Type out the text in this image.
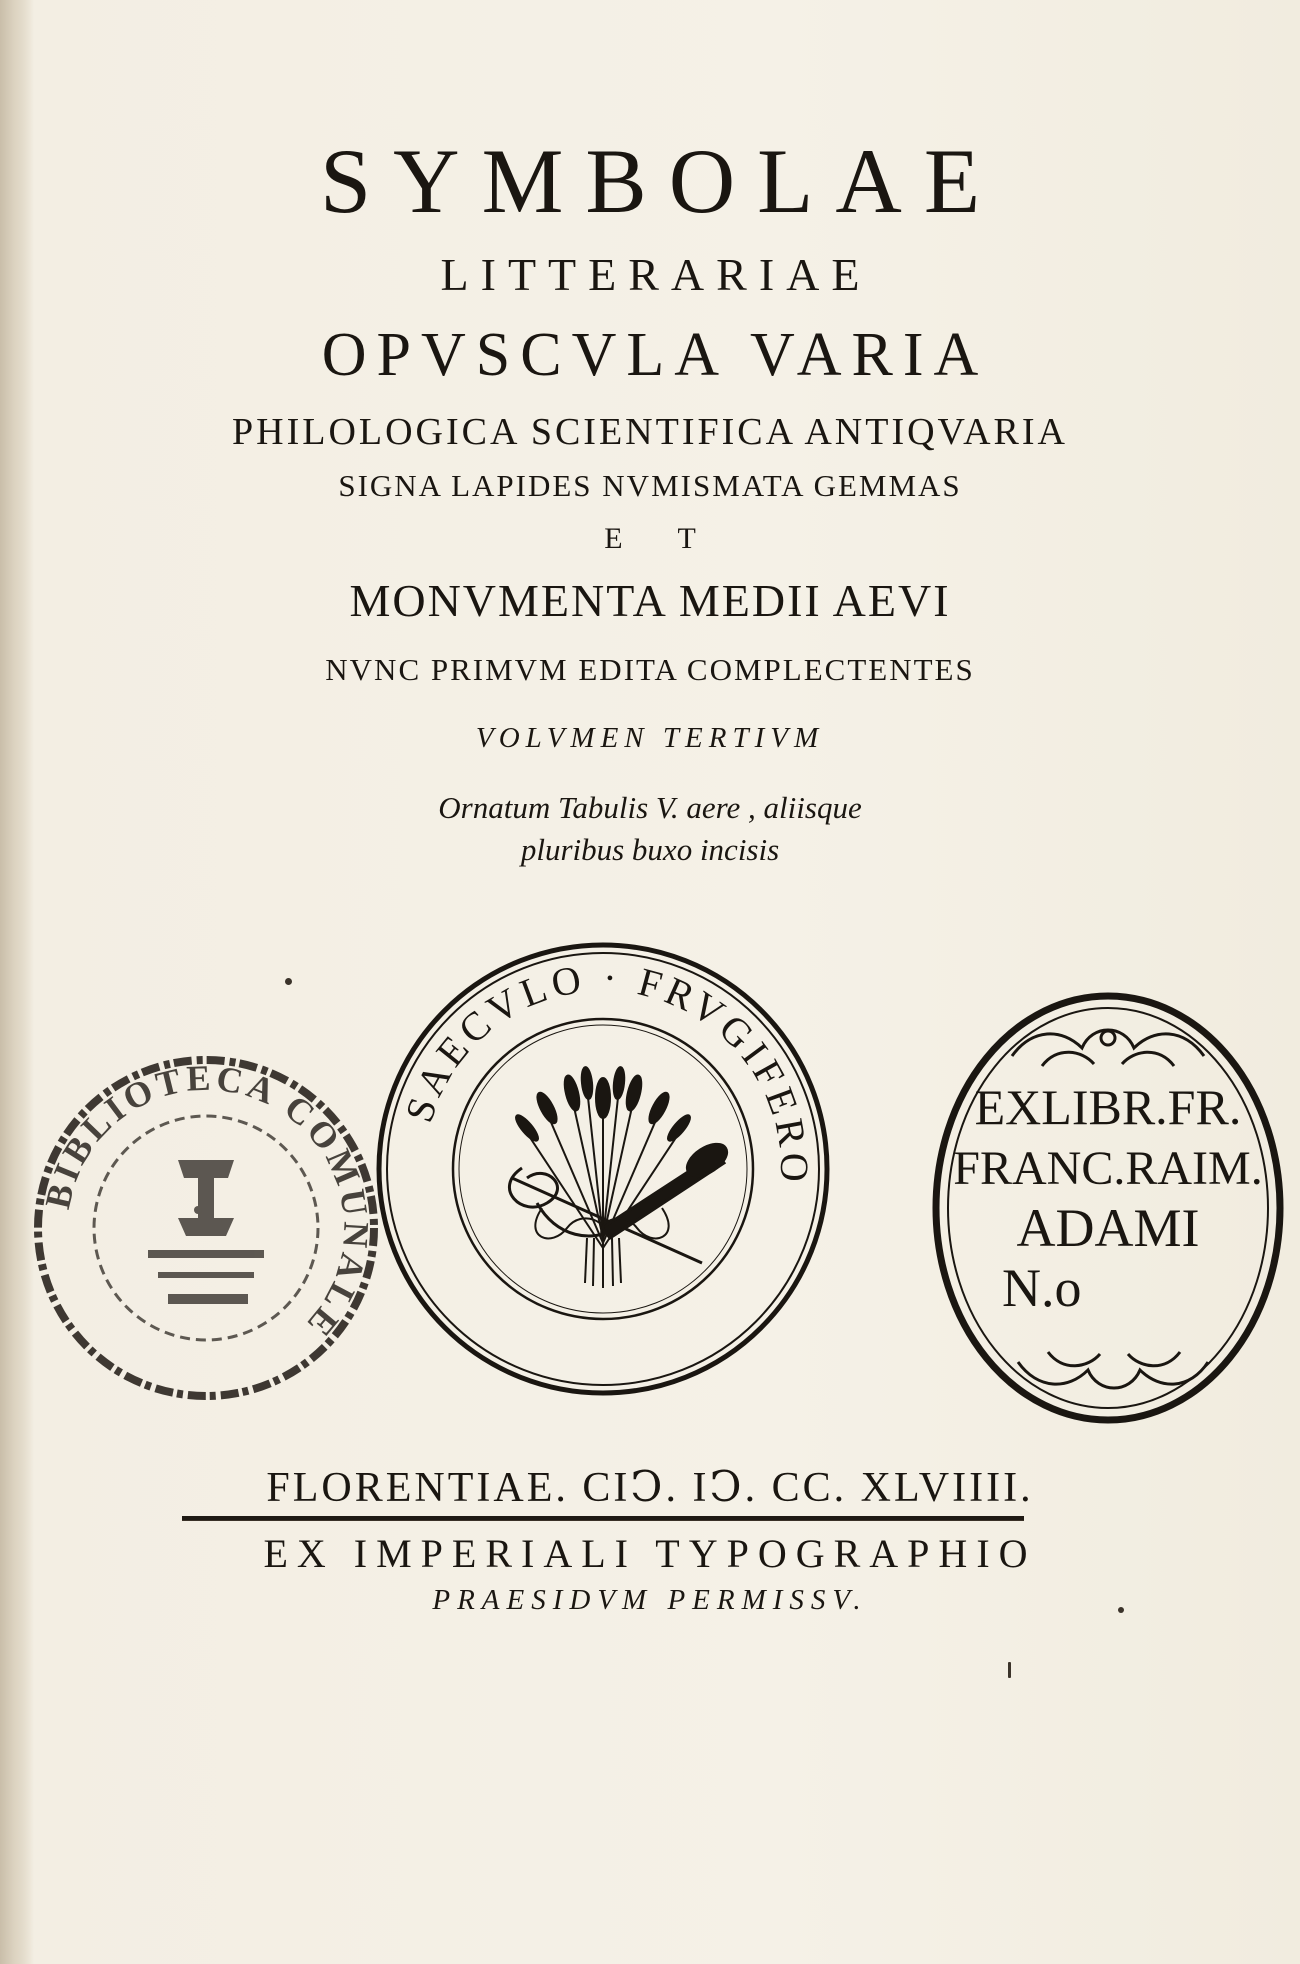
SYMBOLAE
LITTERARIAE
OPVSCVLA VARIA
PHILOLOGICA SCIENTIFICA ANTIQVARIA
SIGNA LAPIDES NVMISMATA GEMMAS
E T
MONVMENTA MEDII AEVI
NVNC PRIMVM EDITA COMPLECTENTES
VOLVMEN TERTIVM
Ornatum Tabulis V. aere , aliisque
pluribus buxo incisis
BIBLIOTECA COMUNALE
SAECVLO · FRVGIFERO
EXLIBR.FR.
FRANC.RAIM.
ADAMI
N.o
FLORENTIAE. CIↃ. IↃ. CC. XLVIIII.
EX IMPERIALI TYPOGRAPHIO
PRAESIDVM PERMISSV.
